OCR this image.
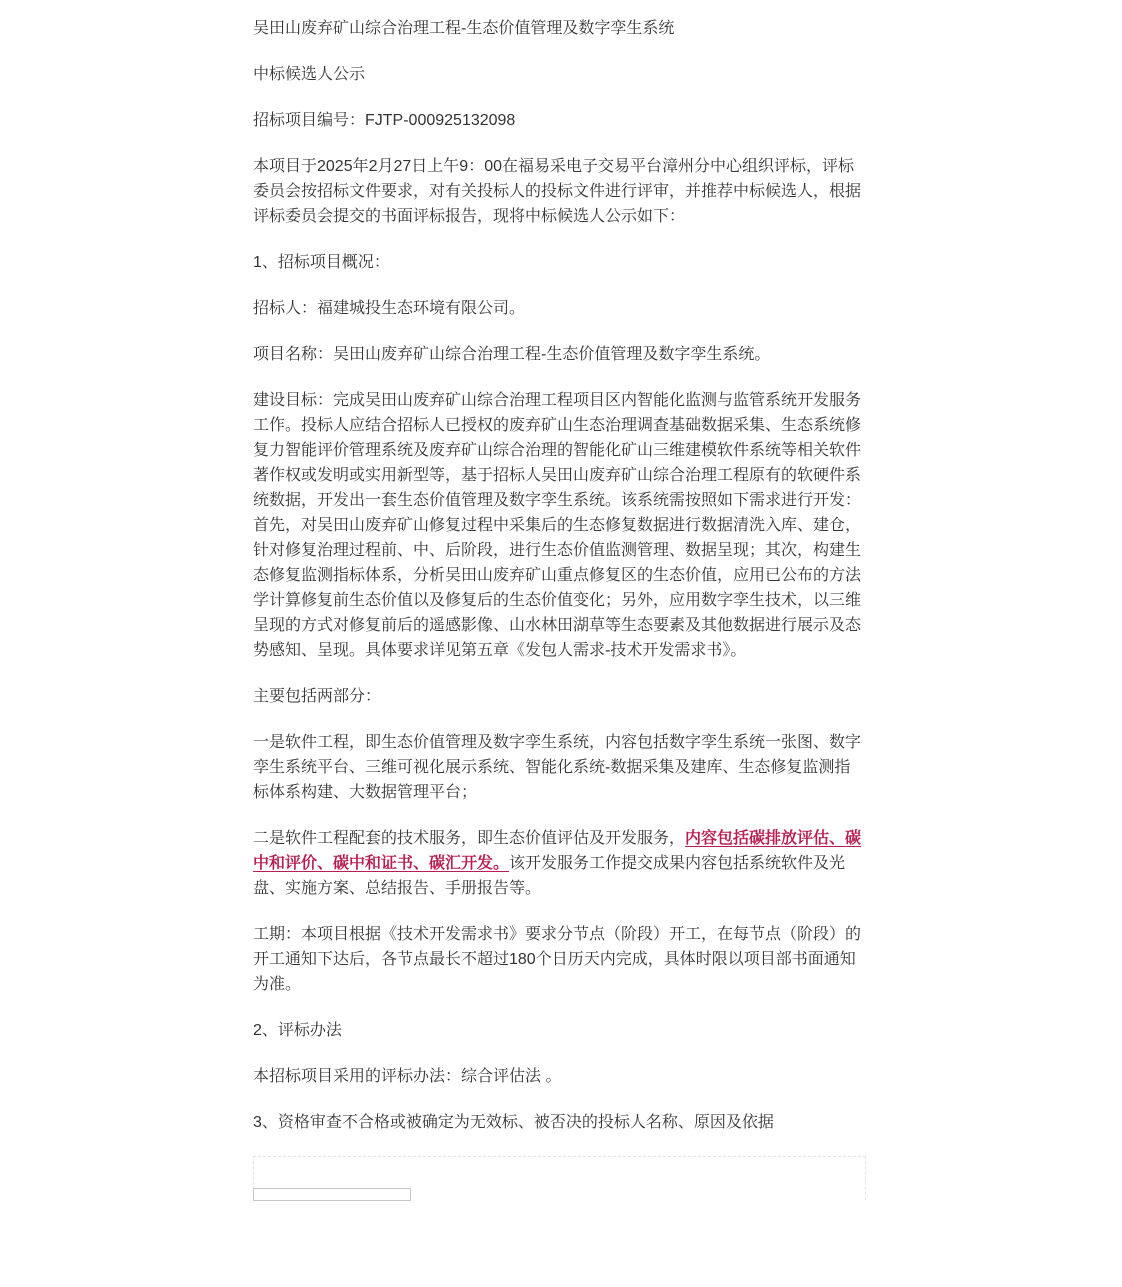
吴田山废弃矿山综合治理工程-生态价值管理及数字孪生系统

中标候选人公示

招标项目编号：FJTP-000925132098

本项目于2025年2月27日上午9：00在福易采电子交易平台漳州分中心组织评标，评标委员会按招标文件要求，对有关投标人的投标文件进行评审，并推荐中标候选人，根据评标委员会提交的书面评标报告，现将中标候选人公示如下：

1、招标项目概况：

招标人：福建城投生态环境有限公司。

项目名称：吴田山废弃矿山综合治理工程-生态价值管理及数字孪生系统。

建设目标：完成吴田山废弃矿山综合治理工程项目区内智能化监测与监管系统开发服务工作。投标人应结合招标人已授权的废弃矿山生态治理调查基础数据采集、生态系统修复力智能评价管理系统及废弃矿山综合治理的智能化矿山三维建模软件系统等相关软件著作权或发明或实用新型等，基于招标人吴田山废弃矿山综合治理工程原有的软硬件系统数据，开发出一套生态价值管理及数字孪生系统。该系统需按照如下需求进行开发：首先，对吴田山废弃矿山修复过程中采集后的生态修复数据进行数据清洗入库、建仓，针对修复治理过程前、中、后阶段，进行生态价值监测管理、数据呈现；其次，构建生态修复监测指标体系，分析吴田山废弃矿山重点修复区的生态价值，应用已公布的方法学计算修复前生态价值以及修复后的生态价值变化；另外，应用数字孪生技术，以三维呈现的方式对修复前后的遥感影像、山水林田湖草等生态要素及其他数据进行展示及态势感知、呈现。具体要求详见第五章《发包人需求-技术开发需求书》。

主要包括两部分：

一是软件工程，即生态价值管理及数字孪生系统，内容包括数字孪生系统一张图、数字孪生系统平台、三维可视化展示系统、智能化系统-数据采集及建库、生态修复监测指标体系构建、大数据管理平台；

二是软件工程配套的技术服务，即生态价值评估及开发服务，内容包括碳排放评估、碳中和评价、碳中和证书、碳汇开发。该开发服务工作提交成果内容包括系统软件及光盘、实施方案、总结报告、手册报告等。

工期：本项目根据《技术开发需求书》要求分节点（阶段）开工，在每节点（阶段）的开工通知下达后，各节点最长不超过180个日历天内完成，具体时限以项目部书面通知为准。

2、评标办法

本招标项目采用的评标办法：综合评估法 。

3、资格审查不合格或被确定为无效标、被否决的投标人名称、原因及依据
